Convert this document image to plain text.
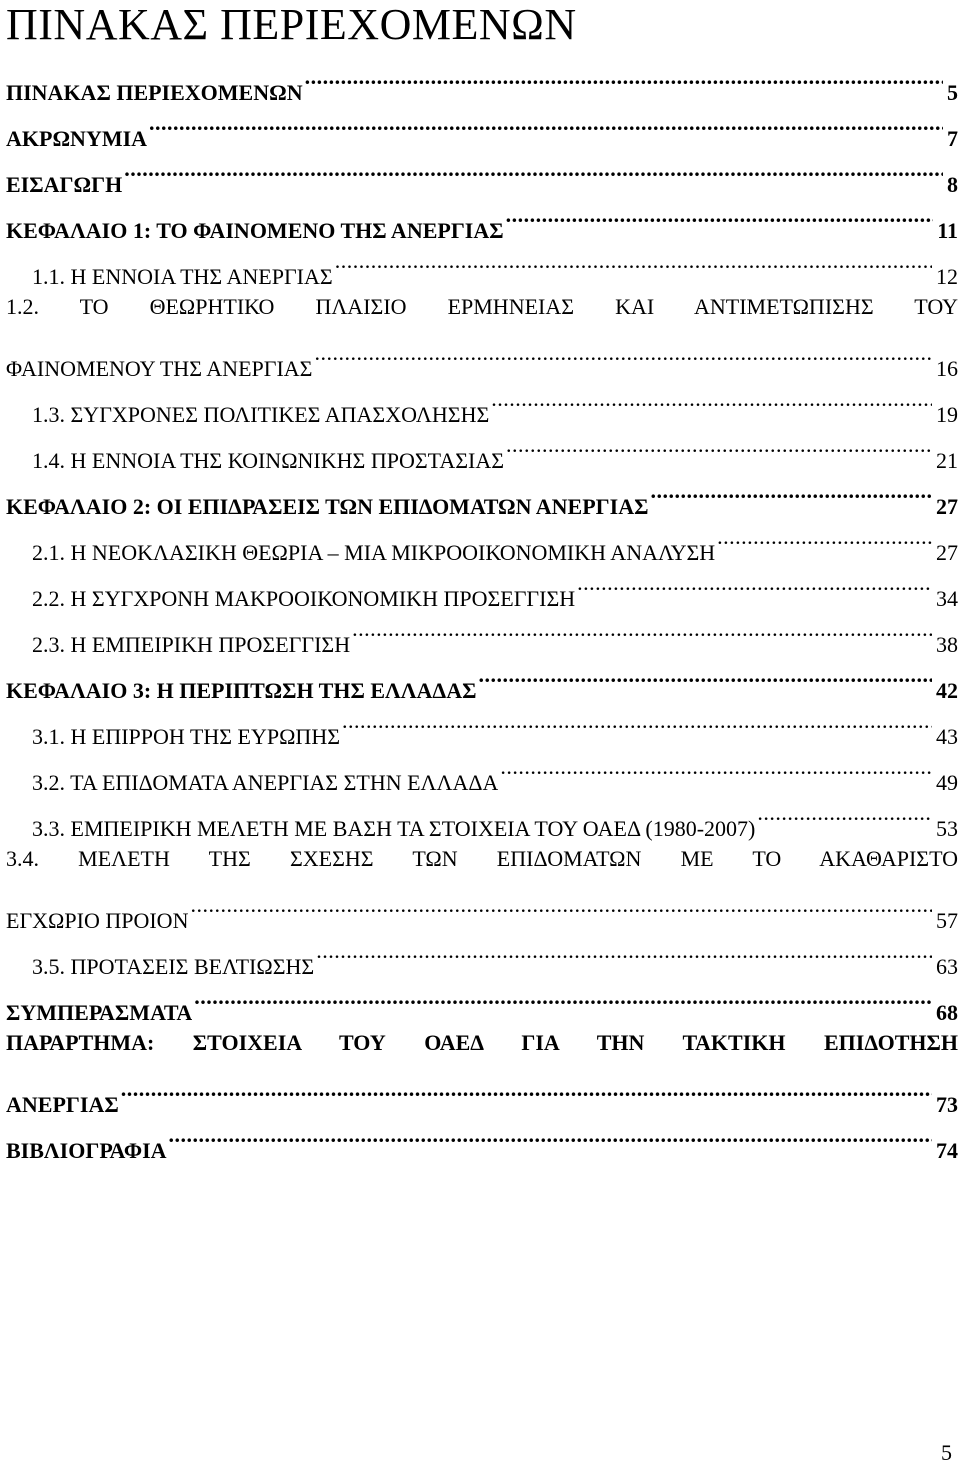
ΠΙΝΑΚΑΣ ΠΕΡΙΕΧΟΜΕΝΩΝ
ΠΙΝΑΚΑΣ ΠΕΡΙΕΧΟΜΕΝΩΝ .....	5
ΑΚΡΩΝΥΜΙΑ .....	7
ΕΙΣΑΓΩΓΗ .....	8
ΚΕΦΑΛΑΙΟ 1: ΤΟ ΦΑΙΝΟΜΕΝΟ ΤΗΣ ΑΝΕΡΓΙΑΣ .....	11
1.1. Η ΕΝΝΟΙΑ ΤΗΣ ΑΝΕΡΓΙΑΣ .....	12
1.2. ΤΟ ΘΕΩΡΗΤΙΚΟ ΠΛΑΙΣΙΟ ΕΡΜΗΝΕΙΑΣ ΚΑΙ ΑΝΤΙΜΕΤΩΠΙΣΗΣ ΤΟΥ
ΦΑΙΝΟΜΕΝΟΥ ΤΗΣ ΑΝΕΡΓΙΑΣ .....	16
1.3. ΣΥΓΧΡΟΝΕΣ ΠΟΛΙΤΙΚΕΣ ΑΠΑΣΧΟΛΗΣΗΣ .....	19
1.4. Η ΕΝΝΟΙΑ ΤΗΣ ΚΟΙΝΩΝΙΚΗΣ ΠΡΟΣΤΑΣΙΑΣ .....	21
ΚΕΦΑΛΑΙΟ 2: ΟΙ ΕΠΙΔΡΑΣΕΙΣ ΤΩΝ ΕΠΙΔΟΜΑΤΩΝ ΑΝΕΡΓΙΑΣ .....	27
2.1. Η ΝΕΟΚΛΑΣΙΚΗ ΘΕΩΡΙΑ – ΜΙΑ ΜΙΚΡΟΟΙΚΟΝΟΜΙΚΗ ΑΝΑΛΥΣΗ .....	27
2.2. Η ΣΥΓΧΡΟΝΗ ΜΑΚΡΟΟΙΚΟΝΟΜΙΚΗ ΠΡΟΣΕΓΓΙΣΗ .....	34
2.3. Η ΕΜΠΕΙΡΙΚΗ ΠΡΟΣΕΓΓΙΣΗ .....	38
ΚΕΦΑΛΑΙΟ 3: Η ΠΕΡΙΠΤΩΣΗ ΤΗΣ ΕΛΛΑΔΑΣ .....	42
3.1. Η ΕΠΙΡΡΟΗ ΤΗΣ ΕΥΡΩΠΗΣ .....	43
3.2. ΤΑ ΕΠΙΔΟΜΑΤΑ ΑΝΕΡΓΙΑΣ ΣΤΗΝ ΕΛΛΑΔΑ .....	49
3.3. ΕΜΠΕΙΡΙΚΗ ΜΕΛΕΤΗ ΜΕ ΒΑΣΗ ΤΑ ΣΤΟΙΧΕΙΑ ΤΟΥ ΟΑΕΔ (1980-2007) .....	53
3.4. ΜΕΛΕΤΗ ΤΗΣ ΣΧΕΣΗΣ ΤΩΝ ΕΠΙΔΟΜΑΤΩΝ ΜΕ ΤΟ ΑΚΑΘΑΡΙΣΤΟ
ΕΓΧΩΡΙΟ ΠΡΟΙΟΝ .....	57
3.5. ΠΡΟΤΑΣΕΙΣ ΒΕΛΤΙΩΣΗΣ .....	63
ΣΥΜΠΕΡΑΣΜΑΤΑ .....	68
ΠΑΡΑΡΤΗΜΑ: ΣΤΟΙΧΕΙΑ ΤΟΥ ΟΑΕΔ ΓΙΑ ΤΗΝ ΤΑΚΤΙΚΗ ΕΠΙΔΟΤΗΣΗ
ΑΝΕΡΓΙΑΣ .....	73
ΒΙΒΛΙΟΓΡΑΦΙΑ .....	74
5
